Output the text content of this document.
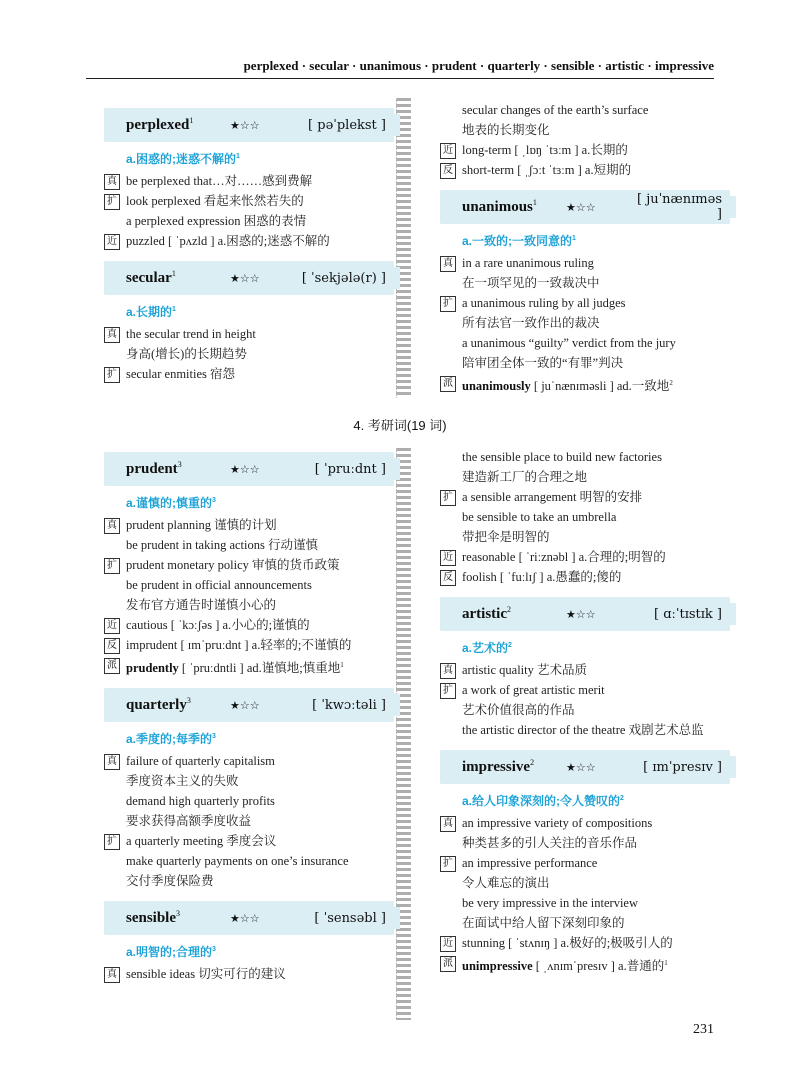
perplexed · secular · unanimous · prudent · quarterly · sensible · artistic · impressive
perplexed$^1$	★☆☆	[ pəˈplekst ]
a.困惑的;迷惑不解的$^1$
真 be perplexed that…对……感到费解
扩 look perplexed 看起来怅然若失的
a perplexed expression 困惑的表情
近 puzzled [ ˈpʌzld ] a.困惑的;迷惑不解的
secular$^1$	★☆☆	[ ˈsekjələ(r) ]
a.长期的$^1$
真 the secular trend in height
身高(增长)的长期趋势
扩 secular enmities 宿怨
secular changes of the earth’s surface
地表的长期变化
近 long-term [ ˌlɒŋ ˈtɜːm ] a.长期的
反 short-term [ ˌʃɔːt ˈtɜːm ] a.短期的
unanimous$^1$	★☆☆
[ juˈnænɪməs ]
a.一致的;一致同意的$^1$
真 in a rare unanimous ruling
在一项罕见的一致裁决中
扩 a unanimous ruling by all judges
所有法官一致作出的裁决
a unanimous “guilty” verdict from the jury
陪审团全体一致的“有罪”判决
派 unanimously [ juˈnænɪməsli ] ad.一致地$^2$
4. 考研词(19 词)
prudent$^3$	★☆☆	[ ˈpruːdnt ]
a.谨慎的;慎重的$^3$
真 prudent planning 谨慎的计划
be prudent in taking actions 行动谨慎
扩 prudent monetary policy 审慎的货币政策
be prudent in official announcements
发布官方通告时谨慎小心的
近 cautious [ ˈkɔːʃəs ] a.小心的;谨慎的
反 imprudent [ ɪmˈpruːdnt ] a.轻率的;不谨慎的
派 prudently [ ˈpruːdntli ] ad.谨慎地;慎重地$^1$
quarterly$^3$	★☆☆	[ ˈkwɔːtəli ]
a.季度的;每季的$^3$
真 failure of quarterly capitalism
季度资本主义的失败
demand high quarterly profits
要求获得高额季度收益
扩 a quarterly meeting 季度会议
make quarterly payments on one’s insurance
交付季度保险费
sensible$^3$	★☆☆	[ ˈsensəbl ]
a.明智的;合理的$^3$
真 sensible ideas 切实可行的建议
the sensible place to build new factories
建造新工厂的合理之地
扩 a sensible arrangement 明智的安排
be sensible to take an umbrella
带把伞是明智的
近 reasonable [ ˈriːznəbl ] a.合理的;明智的
反 foolish [ ˈfuːlɪʃ ] a.愚蠢的;傻的
artistic$^2$	★☆☆	[ ɑːˈtɪstɪk ]
a.艺术的$^2$
真 artistic quality 艺术品质
扩 a work of great artistic merit
艺术价值很高的作品
the artistic director of the theatre 戏剧艺术总监
impressive$^2$	★☆☆	[ ɪmˈpresɪv ]
a.给人印象深刻的;令人赞叹的$^2$
真 an impressive variety of compositions
种类甚多的引人关注的音乐作品
扩 an impressive performance
令人难忘的演出
be very impressive in the interview
在面试中给人留下深刻印象的
近 stunning [ ˈstʌnɪŋ ] a.极好的;极吸引人的
派 unimpressive [ ˌʌnɪmˈpresɪv ] a.普通的$^1$
231
